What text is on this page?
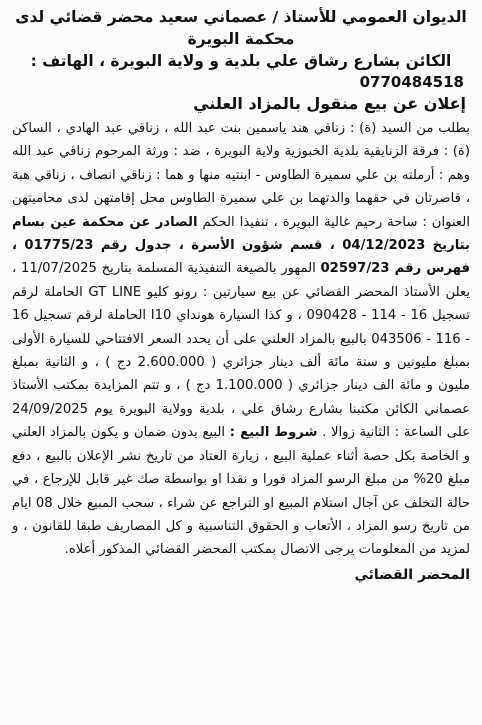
الديوان العمومي للأستاذ / عصماني سعيد محضر قضائي لدى
محكمة البويرة
الكائن بشارع رشاق علي بلدية و ولاية البويرة ، الهاتف :
0770484518
إعلان عن بيع منقول بالمزاد العلني
بطلب من السيد (ة) : زناقي هند ياسمين بنت عبد الله ، زناقي عبد الهادي ، الساكن (ة) : فرقة الزنايقية بلدية الخبوزية ولاية البويرة ، ضد : ورثة المرحوم زناقي عبد الله وهم : أرملته بن علي سميرة الطاوس - ابنتيه منها و هما : زناقي انصاف ، زناقي هبة ، قاصرتان في حقهما والدتهما بن علي سميرة الطاوس محل إقامتهن لدى محاميتهن العنوان : ساحة رحيم غالية البويرة ، تنفيذا الحكم الصادر عن محكمة عين بسام بتاريخ 04/12/2023 ، قسم شؤون الأسرة ، جدول رقم 01775/23 ، فهرس رقم 02597/23 المهور بالصيغة التنفيذية المسلمة بتاريخ 11/07/2025 ، يعلن الأستاذ المحضر القضائي عن بيع سيارتين : رونو كليو GT LINE الحاملة لرقم تسجيل 16 - 114 - 090428 ، و كذا السيارة هونداي I10 الحاملة لرقم تسجيل 16 - 116 - 043506 بالبيع بالمزاد العلني على أن يحدد السعر الافتتاحي للسيارة الأولى بمبلغ مليونين و ستة مائة ألف دينار جزائري ( 2.600.000 دج ) ، و الثانية بمبلغ مليون و مائة الف دينار جزائري ( 1.100.000 دج ) ، و تتم المزايدة بمكتب الأستاذ عصماني الكائن مكتبنا بشارع رشاق علي ، بلدية وولاية البويرة يوم 24/09/2025 على الساعة : الثانية زوالا . شروط البيع : البيع بدون ضمان و يكون بالمزاد العلني و الخاصة بكل حصة أثناء عملية البيع ، زيارة العتاد من تاريخ نشر الإعلان بالبيع ، دفع مبلغ 20% من مبلغ الرسو المزاد فورا و نقدا او بواسطة صك غير قابل للإرجاع ، في حالة التخلف عن آجال استلام المبيع او التراجع عن شراء ، سحب المبيع خلال 08 ايام من تاريخ رسو المزاد ، الأتعاب و الحقوق التناسبية و كل المصاريف طبقا للقانون ، و لمزيد من المعلومات يرجى الاتصال بمكتب المحضر القضائي المذكور أعلاه.
المحضر القضائي
